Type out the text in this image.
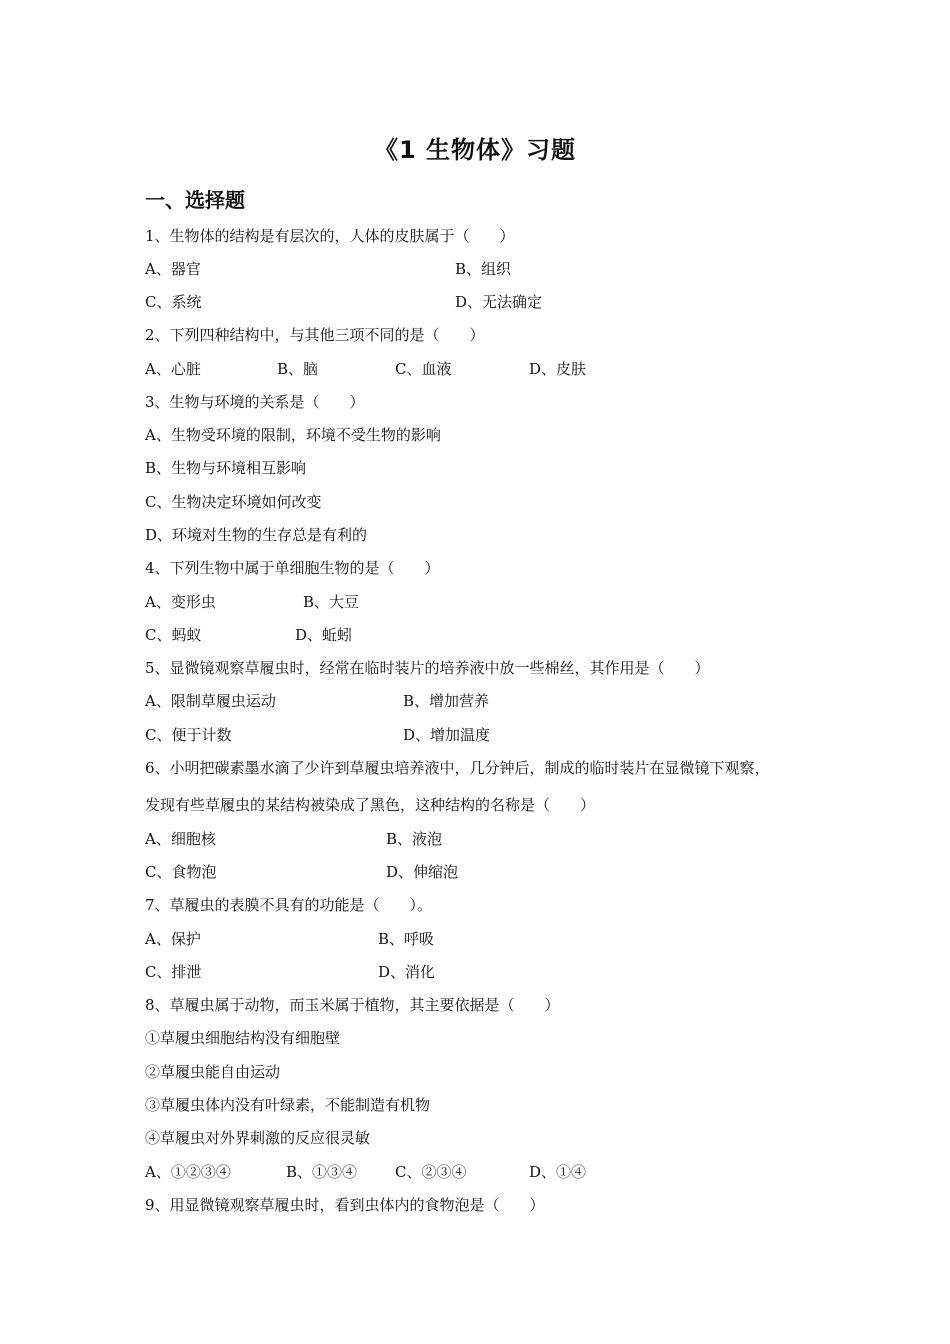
《1 生物体》习题
一、选择题
1、生物体的结构是有层次的，人体的皮肤属于（　　）
A、器官	B、组织
C、系统	D、无法确定
2、下列四种结构中，与其他三项不同的是（　　）
A、心脏	B、脑	C、血液	D、皮肤
3、生物与环境的关系是（　　）
A、生物受环境的限制，环境不受生物的影响
B、生物与环境相互影响
C、生物决定环境如何改变
D、环境对生物的生存总是有利的
4、下列生物中属于单细胞生物的是（　　）
A、变形虫	B、大豆
C、蚂蚁	D、蚯蚓
5、显微镜观察草履虫时，经常在临时装片的培养液中放一些棉丝，其作用是（　　）
A、限制草履虫运动	B、增加营养
C、便于计数	D、增加温度
6、小明把碳素墨水滴了少许到草履虫培养液中，几分钟后，制成的临时装片在显微镜下观察，
发现有些草履虫的某结构被染成了黑色，这种结构的名称是（　　）
A、细胞核	B、液泡
C、食物泡	D、伸缩泡
7、草履虫的表膜不具有的功能是（　　）。
A、保护	B、呼吸
C、排泄	D、消化
8、草履虫属于动物，而玉米属于植物，其主要依据是（　　）
①草履虫细胞结构没有细胞壁
②草履虫能自由运动
③草履虫体内没有叶绿素，不能制造有机物
④草履虫对外界刺激的反应很灵敏
A、①②③④	B、①③④	C、②③④	D、①④
9、用显微镜观察草履虫时，看到虫体内的食物泡是（　　）
